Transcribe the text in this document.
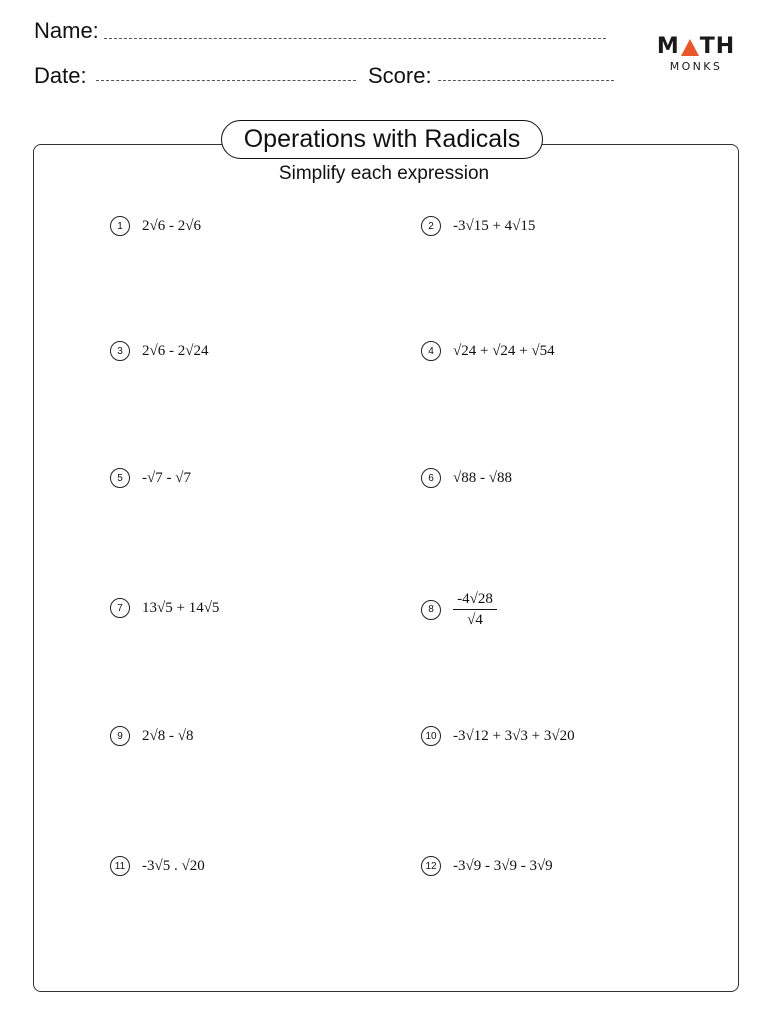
Name:
Date:	Score:
M TH
MONKS
Operations with Radicals
Simplify each expression
1	2√6 - 2√6	2	-3√15 + 4√15
3	2√6 - 2√24	4	√24 + √24 + √54
5	-√7 - √7	6	√88 - √88
7	13√5 + 14√5	8	$\frac{-4√28}{√4}$
9	2√8 - √8	10 -3√12 + 3√3 + 3√20
11	-3√5 . √20	12 -3√9 - 3√9 - 3√9
